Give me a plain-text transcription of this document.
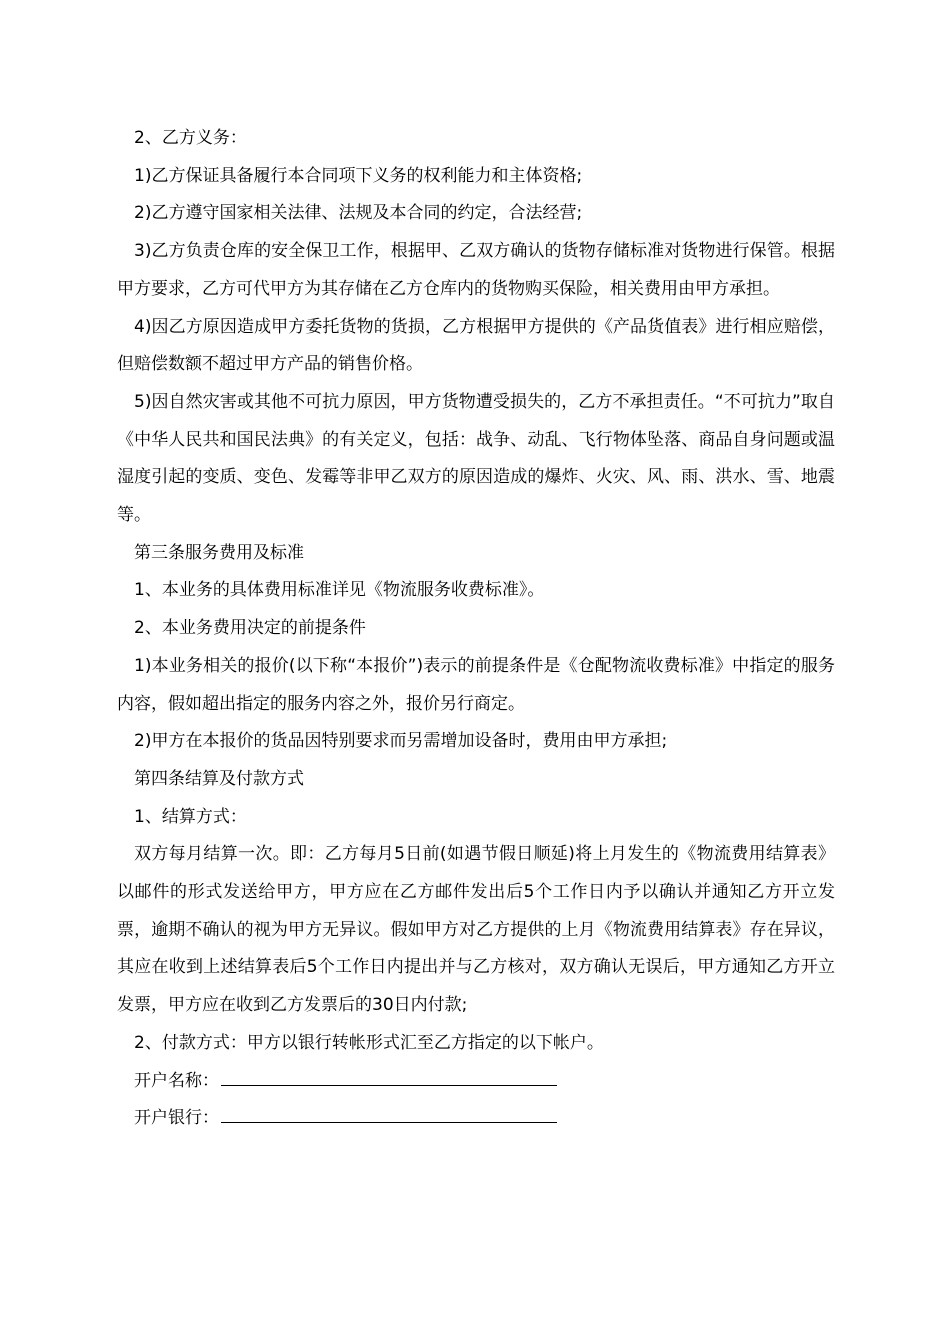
2、乙方义务：

1)乙方保证具备履行本合同项下义务的权利能力和主体资格;

2)乙方遵守国家相关法律、法规及本合同的约定，合法经营;

3)乙方负责仓库的安全保卫工作，根据甲、乙双方确认的货物存储标准对货物进行保管。根据甲方要求，乙方可代甲方为其存储在乙方仓库内的货物购买保险，相关费用由甲方承担。

4)因乙方原因造成甲方委托货物的货损，乙方根据甲方提供的《产品货值表》进行相应赔偿，但赔偿数额不超过甲方产品的销售价格。

5)因自然灾害或其他不可抗力原因，甲方货物遭受损失的，乙方不承担责任。“不可抗力”取自《中华人民共和国民法典》的有关定义，包括：战争、动乱、飞行物体坠落、商品自身问题或温湿度引起的变质、变色、发霉等非甲乙双方的原因造成的爆炸、火灾、风、雨、洪水、雪、地震等。

第三条服务费用及标准

1、本业务的具体费用标准详见《物流服务收费标准》。

2、本业务费用决定的前提条件

1)本业务相关的报价(以下称“本报价”)表示的前提条件是《仓配物流收费标准》中指定的服务内容，假如超出指定的服务内容之外，报价另行商定。

2)甲方在本报价的货品因特别要求而另需增加设备时，费用由甲方承担;

第四条结算及付款方式

1、结算方式：

双方每月结算一次。即：乙方每月5日前(如遇节假日顺延)将上月发生的《物流费用结算表》以邮件的形式发送给甲方，甲方应在乙方邮件发出后5个工作日内予以确认并通知乙方开立发票，逾期不确认的视为甲方无异议。假如甲方对乙方提供的上月《物流费用结算表》存在异议，其应在收到上述结算表后5个工作日内提出并与乙方核对，双方确认无误后，甲方通知乙方开立发票，甲方应在收到乙方发票后的30日内付款;

2、付款方式：甲方以银行转帐形式汇至乙方指定的以下帐户。

开户名称：

开户银行：
